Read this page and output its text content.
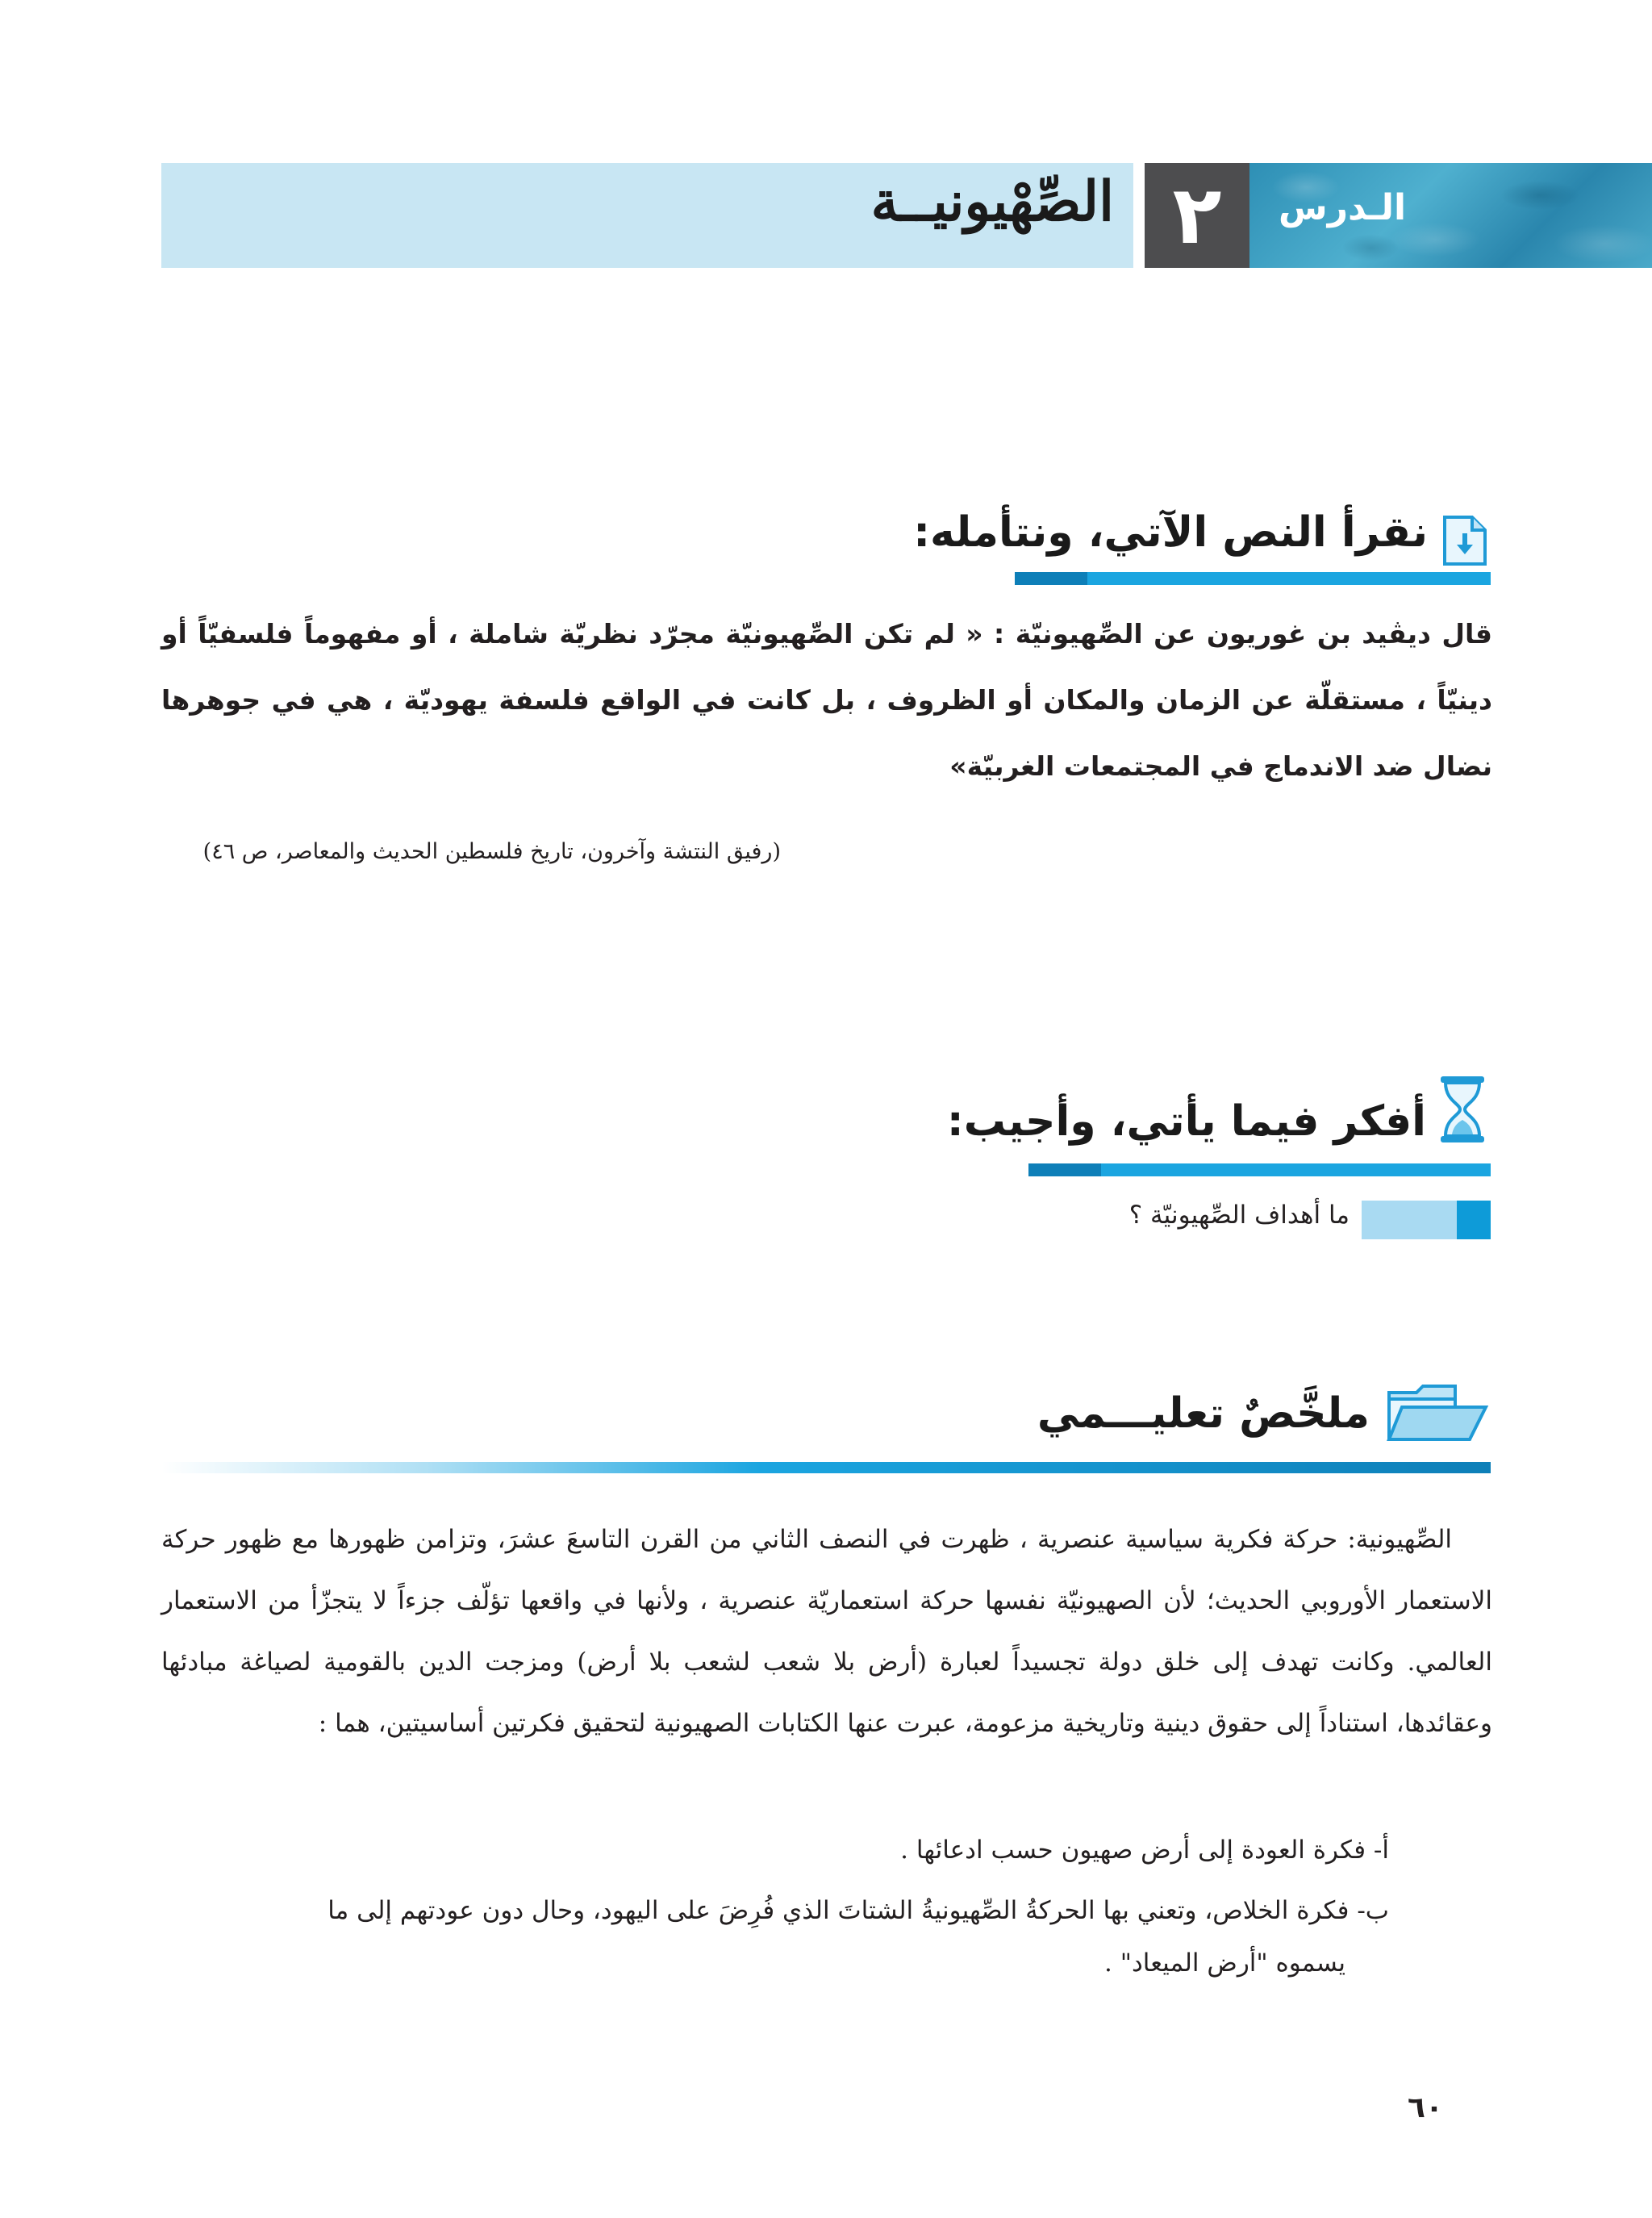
الصِّهْيونيــة ٢	الـدرس
نقرأ النص الآتي، ونتأمله:
قال ديڤيد بن غوريون عن الصِّهيونيّة : « لم تكن الصِّهيونيّة مجرّد نظريّة شاملة ، أو مفهوماً فلسفيّاً أو دينيّاً ، مستقلّة عن الزمان والمكان أو الظروف ، بل كانت في الواقع فلسفة يهوديّة ، هي في جوهرها نضال ضد الاندماج في المجتمعات الغربيّة»
(رفيق النتشة وآخرون، تاريخ فلسطين الحديث والمعاصر، ص ٤٦)
أفكر فيما يأتي، وأجيب:
ما أهداف الصِّهيونيّة ؟
ملخَّصٌ تعليـــمي

الصِّهيونية: حركة فكرية سياسية عنصرية ، ظهرت في النصف الثاني من القرن التاسعَ عشرَ، وتزامن ظهورها مع ظهور حركة الاستعمار الأوروبي الحديث؛ لأن الصهيونيّة نفسها حركة استعماريّة عنصرية ، ولأنها في واقعها تؤلّف جزءاً لا يتجزّأ من الاستعمار العالمي. وكانت تهدف إلى خلق دولة تجسيداً لعبارة (أرض بلا شعب لشعب بلا أرض) ومزجت الدين بالقومية لصياغة مبادئها وعقائدها، استناداً إلى حقوق دينية وتاريخية مزعومة، عبرت عنها الكتابات الصهيونية لتحقيق فكرتين أساسيتين، هما :

أ- فكرة العودة إلى أرض صهيون حسب ادعائها .
ب- فكرة الخلاص، وتعني بها الحركةُ الصِّهيونيةُ الشتاتَ الذي فُرِضَ على اليهود، وحال دون عودتهم إلى ما
يسموه "أرض الميعاد" .
٦٠
